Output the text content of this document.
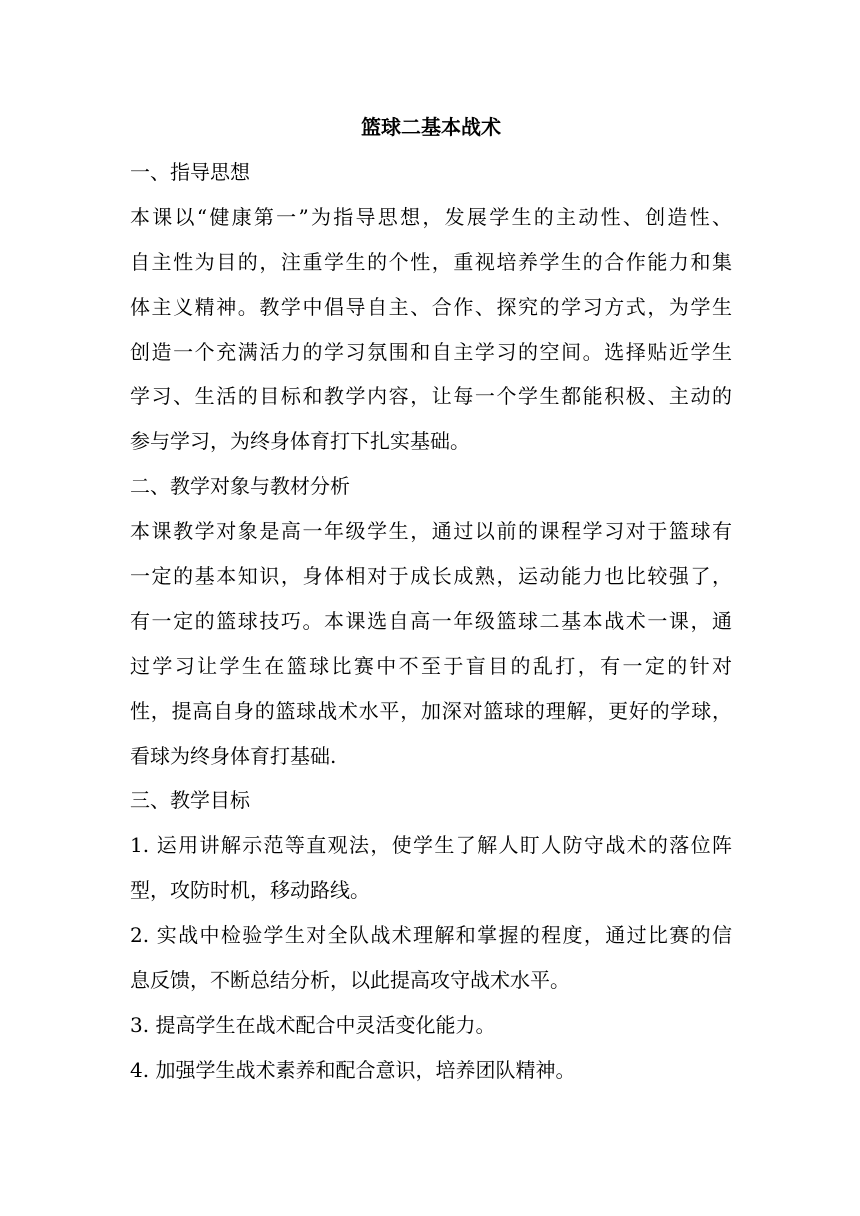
篮球二基本战术

一、指导思想

本课以“健康第一”为指导思想，发展学生的主动性、创造性、

自主性为目的，注重学生的个性，重视培养学生的合作能力和集

体主义精神。教学中倡导自主、合作、探究的学习方式，为学生

创造一个充满活力的学习氛围和自主学习的空间。选择贴近学生

学习、生活的目标和教学内容，让每一个学生都能积极、主动的

参与学习，为终身体育打下扎实基础。

二、教学对象与教材分析

本课教学对象是高一年级学生，通过以前的课程学习对于篮球有

一定的基本知识，身体相对于成长成熟，运动能力也比较强了，

有一定的篮球技巧。本课选自高一年级篮球二基本战术一课，通

过学习让学生在篮球比赛中不至于盲目的乱打，有一定的针对

性，提高自身的篮球战术水平，加深对篮球的理解，更好的学球，

看球为终身体育打基础.

三、教学目标

1. 运用讲解示范等直观法，使学生了解人盯人防守战术的落位阵

型，攻防时机，移动路线。

2. 实战中检验学生对全队战术理解和掌握的程度，通过比赛的信

息反馈，不断总结分析，以此提高攻守战术水平。

3. 提高学生在战术配合中灵活变化能力。

4. 加强学生战术素养和配合意识，培养团队精神。
